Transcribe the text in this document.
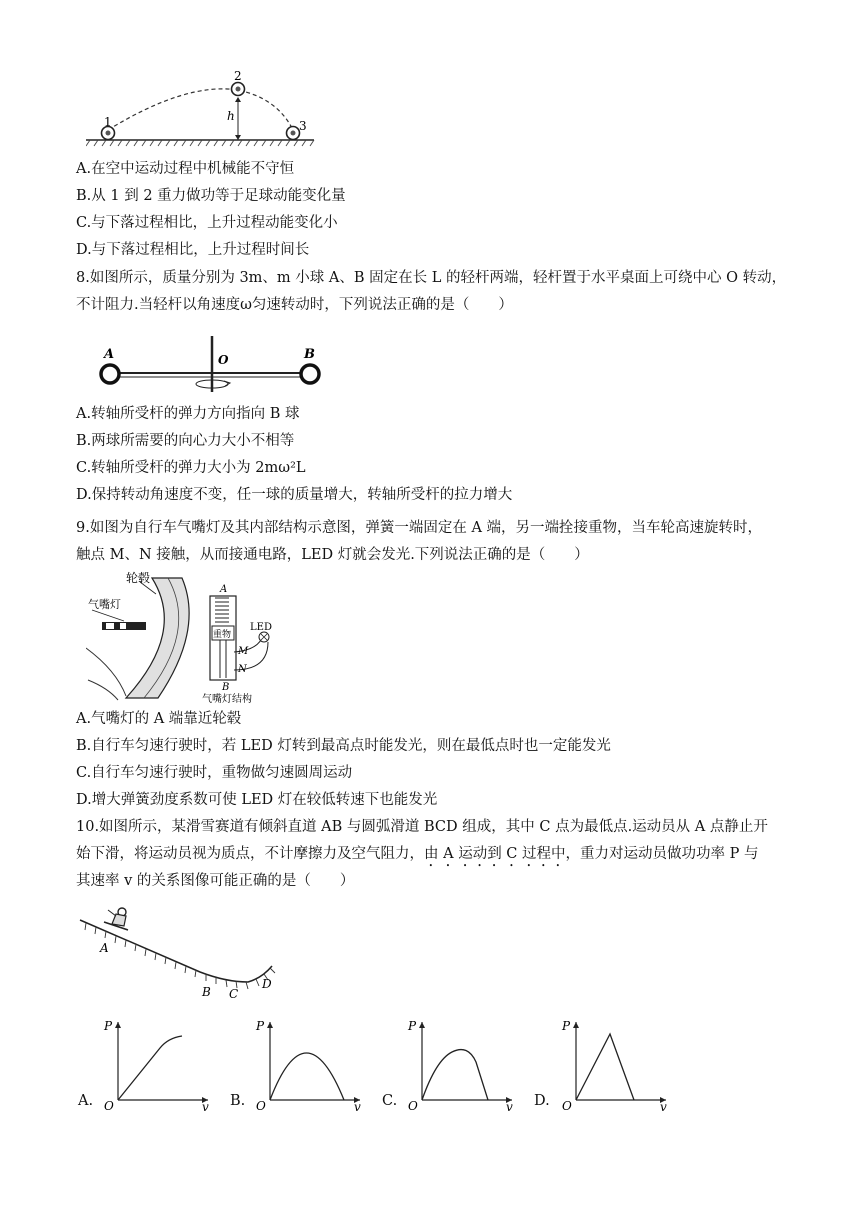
1
2
3
h
A.在空中运动过程中机械能不守恒
B.从 1 到 2 重力做功等于足球动能变化量
C.与下落过程相比，上升过程动能变化小
D.与下落过程相比，上升过程时间长
8.如图所示，质量分别为 3m、m 小球 A、B 固定在长 L 的轻杆两端，轻杆置于水平桌面上可绕中心 O 转动，
不计阻力.当轻杆以角速度ω匀速转动时，下列说法正确的是（　　）
A	O	B
A.转轴所受杆的弹力方向指向 B 球
B.两球所需要的向心力大小不相等
C.转轴所受杆的弹力大小为 2mω²L
D.保持转动角速度不变，任一球的质量增大，转轴所受杆的拉力增大
9.如图为自行车气嘴灯及其内部结构示意图，弹簧一端固定在 A 端，另一端拴接重物，当车轮高速旋转时，
触点 M、N 接触，从而接通电路，LED 灯就会发光.下列说法正确的是（　　）
轮毂
气嘴灯
重物
A
LED
M
N
B
气嘴灯结构
A.气嘴灯的 A 端靠近轮毂
B.自行车匀速行驶时，若 LED 灯转到最高点时能发光，则在最低点时也一定能发光
C.自行车匀速行驶时，重物做匀速圆周运动
D.增大弹簧劲度系数可使 LED 灯在较低转速下也能发光
10.如图所示，某滑雪赛道有倾斜直道 AB 与圆弧滑道 BCD 组成，其中 C 点为最低点.运动员从 A 点静止开
始下滑，将运动员视为质点，不计摩擦力及空气阻力，由 A 运动到 C 过程中，重力对运动员做功功率 P 与
其速率 v 的关系图像可能正确的是（　　）
A
B C
D
P
O	v
A.
P
O	v
B.
P
O	v
C.
P
O	v
D.
